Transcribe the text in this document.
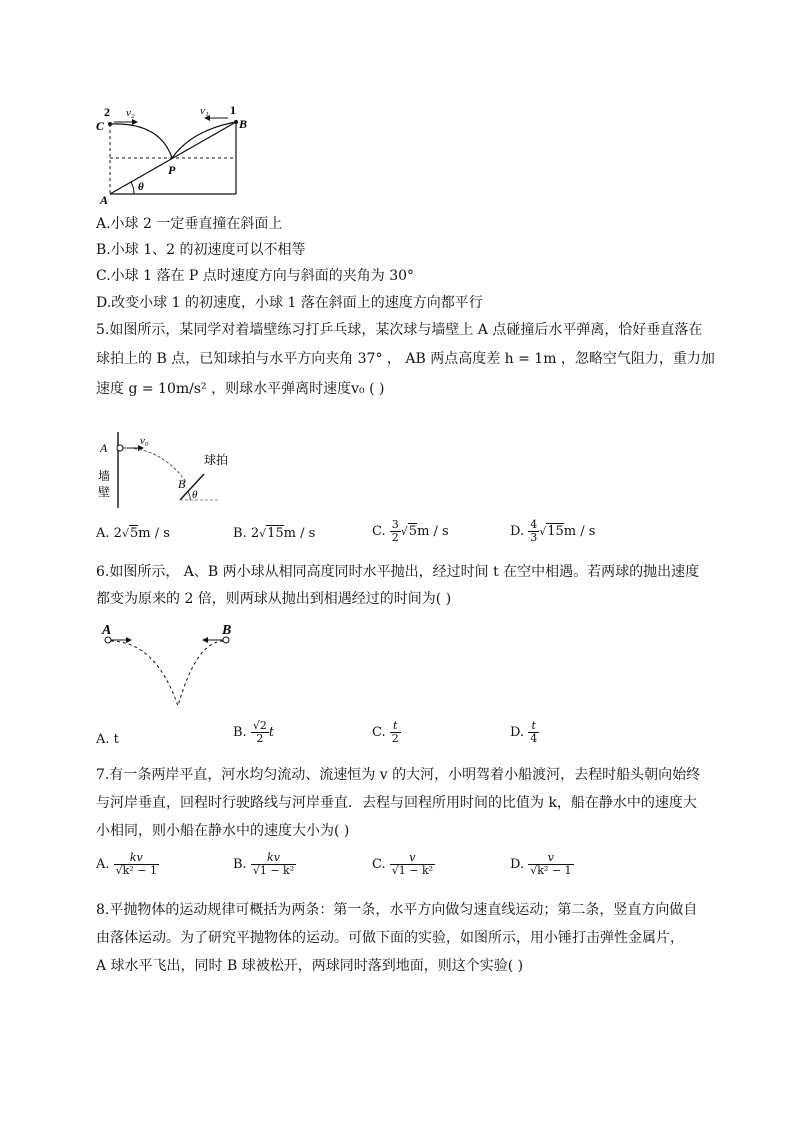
2 v₂	v₁ 1
C	B
P
A
θ
A.小球 2 一定垂直撞在斜面上
B.小球 1、2 的初速度可以不相等
C.小球 1 落在 P 点时速度方向与斜面的夹角为 30°
D.改变小球 1 的初速度，小球 1 落在斜面上的速度方向都平行
5.如图所示，某同学对着墙壁练习打乒乓球，某次球与墙壁上 A 点碰撞后水平弹离，恰好垂直落在
球拍上的 B 点，已知球拍与水平方向夹角 37° ， AB 两点高度差 h = 1m ，忽略空气阻力，重力加
速度 g = 10m/s² ，则球水平弹离时速度v₀ ( )
A	v₀
墙
壁
球拍
B
θ
A. 2√5m / s	B. 2√15m / s	C. $\frac{3}{2} √5m$ / s	D. $\frac{4}{3} √15m$ / s
6.如图所示， A、B 两小球从相同高度同时水平抛出，经过时间 t 在空中相遇。若两球的抛出速度
都变为原来的 2 倍，则两球从抛出到相遇经过的时间为( )
A	B
A. t	B. $\frac{√2}{2}$ t	C. $\frac{t}{2}$	D. $\frac{t}{4}$
7.有一条两岸平直，河水均匀流动、流速恒为 v 的大河，小明驾着小船渡河，去程时船头朝向始终
与河岸垂直，回程时行驶路线与河岸垂直．去程与回程所用时间的比值为 k，船在静水中的速度大
小相同，则小船在静水中的速度大小为( )
A. $\frac{kv}{\text{√k² − 1}}$	B. $\frac{kv}{\text{√1 − k²}}$	C. $\frac{v}{\text{√1 − k²}}$	D. $\frac{v}{\text{√k² − 1}}$
8.平抛物体的运动规律可概括为两条：第一条，水平方向做匀速直线运动；第二条，竖直方向做自
由落体运动。为了研究平抛物体的运动。可做下面的实验，如图所示，用小锤打击弹性金属片，
A 球水平飞出，同时 B 球被松开，两球同时落到地面，则这个实验( )
